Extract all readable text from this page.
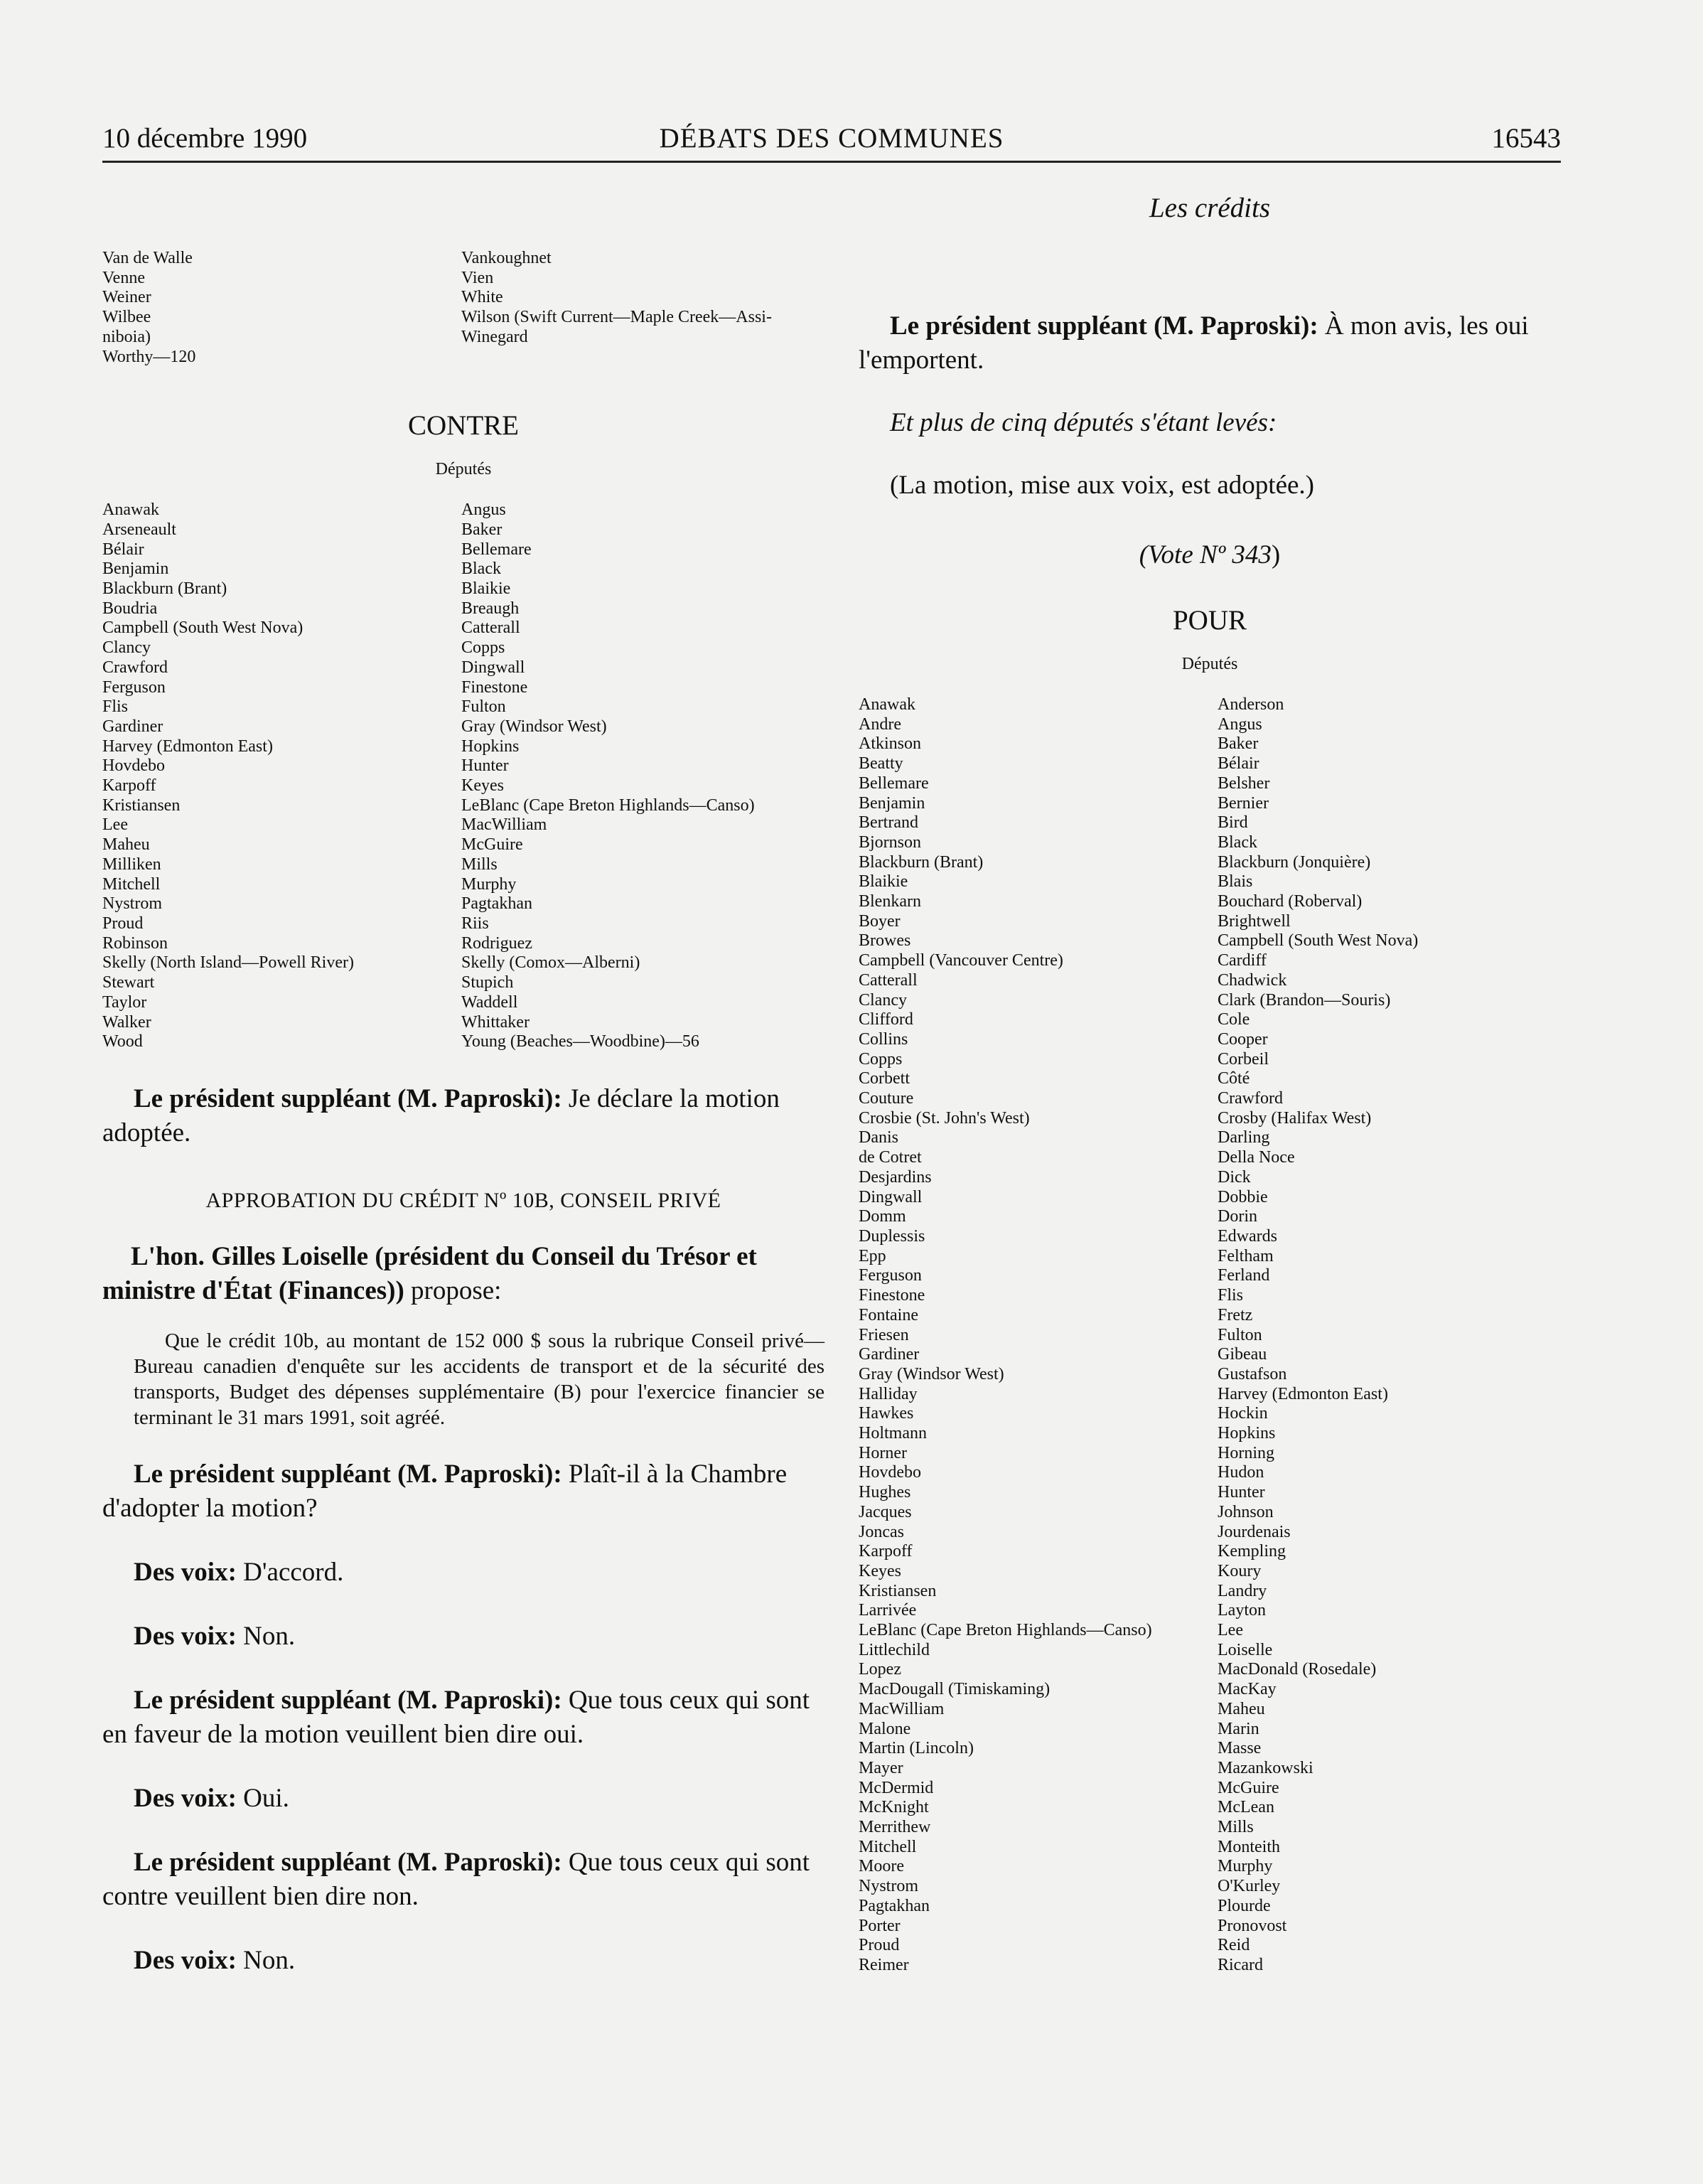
10 décembre 1990	DÉBATS DES COMMUNES	16543
Van de Walle
Venne
Weiner
Wilbee
niboia)
Worthy—120
Vankoughnet
Vien
White
Wilson (Swift Current—Maple Creek—Assi-
Winegard
CONTRE
Députés
Anawak
Arseneault
Bélair
Benjamin
Blackburn (Brant)
Boudria
Campbell (South West Nova)
Clancy
Crawford
Ferguson
Flis
Gardiner
Harvey (Edmonton East)
Hovdebo
Karpoff
Kristiansen
Lee
Maheu
Milliken
Mitchell
Nystrom
Proud
Robinson
Skelly (North Island—Powell River)
Stewart
Taylor
Walker
Wood
Angus
Baker
Bellemare
Black
Blaikie
Breaugh
Catterall
Copps
Dingwall
Finestone
Fulton
Gray (Windsor West)
Hopkins
Hunter
Keyes
LeBlanc (Cape Breton Highlands—Canso)
MacWilliam
McGuire
Mills
Murphy
Pagtakhan
Riis
Rodriguez
Skelly (Comox—Alberni)
Stupich
Waddell
Whittaker
Young (Beaches—Woodbine)—56

Le président suppléant (M. Paproski): Je déclare la motion adoptée.

APPROBATION DU CRÉDIT Nº 10B, CONSEIL PRIVÉ

L'hon. Gilles Loiselle (président du Conseil du Trésor et ministre d'État (Finances)) propose:

Que le crédit 10b, au montant de 152 000 $ sous la rubrique Conseil privé—Bureau canadien d'enquête sur les accidents de transport et de la sécurité des transports, Budget des dépenses supplémentaire (B) pour l'exercice financier se terminant le 31 mars 1991, soit agréé.

Le président suppléant (M. Paproski): Plaît-il à la Chambre d'adopter la motion?

Des voix: D'accord.

Des voix: Non.

Le président suppléant (M. Paproski): Que tous ceux qui sont en faveur de la motion veuillent bien dire oui.

Des voix: Oui.

Le président suppléant (M. Paproski): Que tous ceux qui sont contre veuillent bien dire non.

Des voix: Non.

Les crédits

Le président suppléant (M. Paproski): À mon avis, les oui l'emportent.

Et plus de cinq députés s'étant levés:

(La motion, mise aux voix, est adoptée.)

(Vote Nº 343)
POUR
Députés
Anawak
Andre
Atkinson
Beatty
Bellemare
Benjamin
Bertrand
Bjornson
Blackburn (Brant)
Blaikie
Blenkarn
Boyer
Browes
Campbell (Vancouver Centre)
Catterall
Clancy
Clifford
Collins
Copps
Corbett
Couture
Crosbie (St. John's West)
Danis
de Cotret
Desjardins
Dingwall
Domm
Duplessis
Epp
Ferguson
Finestone
Fontaine
Friesen
Gardiner
Gray (Windsor West)
Halliday
Hawkes
Holtmann
Horner
Hovdebo
Hughes
Jacques
Joncas
Karpoff
Keyes
Kristiansen
Larrivée
LeBlanc (Cape Breton Highlands—Canso)
Littlechild
Lopez
MacDougall (Timiskaming)
MacWilliam
Malone
Martin (Lincoln)
Mayer
McDermid
McKnight
Merrithew
Mitchell
Moore
Nystrom
Pagtakhan
Porter
Proud
Reimer
Anderson
Angus
Baker
Bélair
Belsher
Bernier
Bird
Black
Blackburn (Jonquière)
Blais
Bouchard (Roberval)
Brightwell
Campbell (South West Nova)
Cardiff
Chadwick
Clark (Brandon—Souris)
Cole
Cooper
Corbeil
Côté
Crawford
Crosby (Halifax West)
Darling
Della Noce
Dick
Dobbie
Dorin
Edwards
Feltham
Ferland
Flis
Fretz
Fulton
Gibeau
Gustafson
Harvey (Edmonton East)
Hockin
Hopkins
Horning
Hudon
Hunter
Johnson
Jourdenais
Kempling
Koury
Landry
Layton
Lee
Loiselle
MacDonald (Rosedale)
MacKay
Maheu
Marin
Masse
Mazankowski
McGuire
McLean
Mills
Monteith
Murphy
O'Kurley
Plourde
Pronovost
Reid
Ricard
